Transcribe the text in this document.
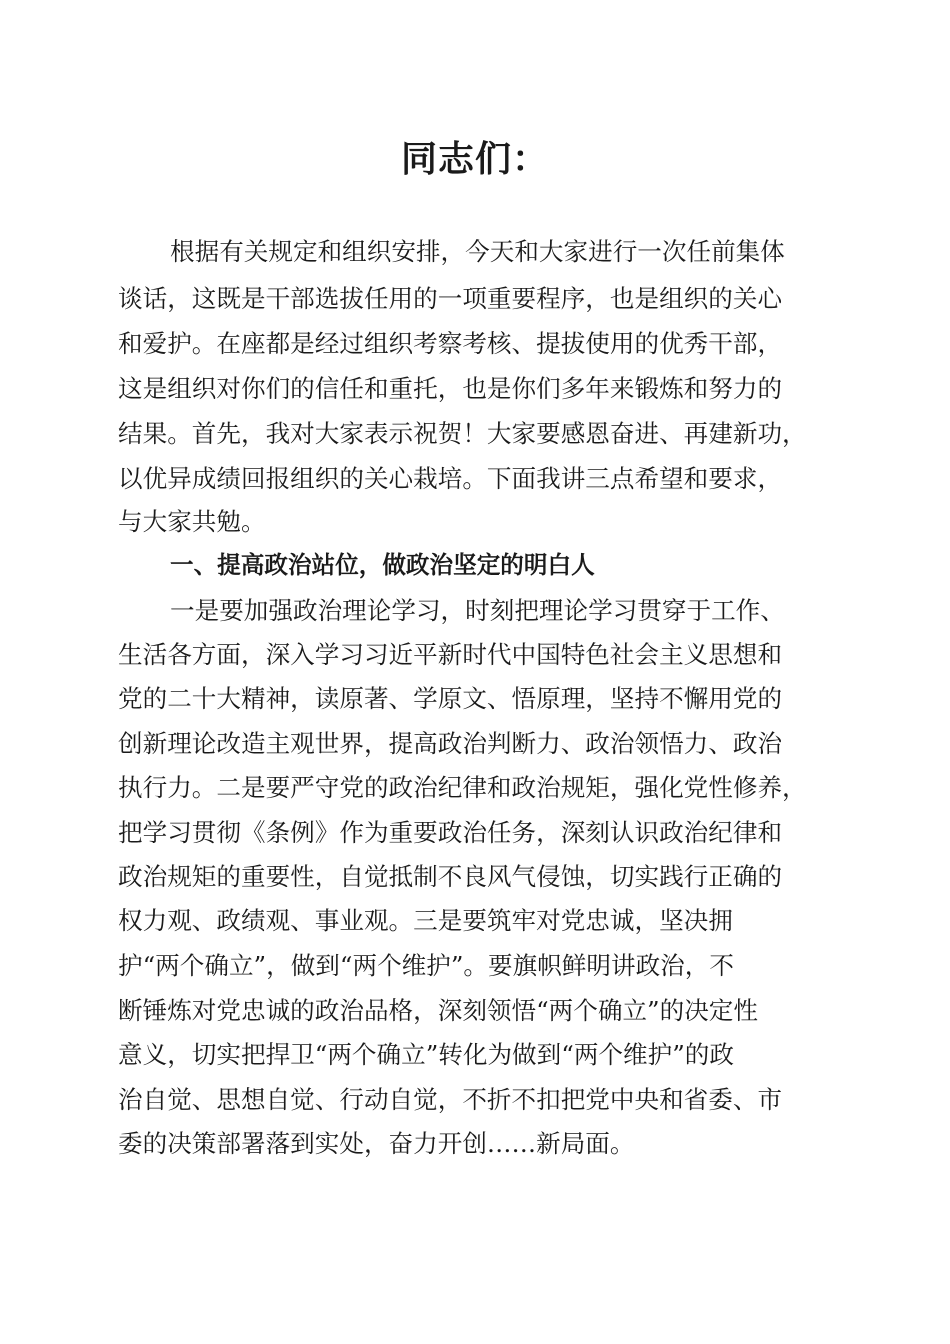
同志们：

根据有关规定和组织安排，今天和大家进行一次任前集体

谈话，这既是干部选拔任用的一项重要程序，也是组织的关心

和爱护。在座都是经过组织考察考核、提拔使用的优秀干部，

这是组织对你们的信任和重托，也是你们多年来锻炼和努力的

结果。首先，我对大家表示祝贺！大家要感恩奋进、再建新功，

以优异成绩回报组织的关心栽培。下面我讲三点希望和要求，

与大家共勉。

一、提高政治站位，做政治坚定的明白人

一是要加强政治理论学习，时刻把理论学习贯穿于工作、

生活各方面，深入学习习近平新时代中国特色社会主义思想和

党的二十大精神，读原著、学原文、悟原理，坚持不懈用党的

创新理论改造主观世界，提高政治判断力、政治领悟力、政治

执行力。二是要严守党的政治纪律和政治规矩，强化党性修养，

把学习贯彻《条例》作为重要政治任务，深刻认识政治纪律和

政治规矩的重要性，自觉抵制不良风气侵蚀，切实践行正确的

权力观、政绩观、事业观。三是要筑牢对党忠诚，坚决拥

护“两个确立”，做到“两个维护”。要旗帜鲜明讲政治，不

断锤炼对党忠诚的政治品格，深刻领悟“两个确立”的决定性

意义，切实把捍卫“两个确立”转化为做到“两个维护”的政

治自觉、思想自觉、行动自觉，不折不扣把党中央和省委、市

委的决策部署落到实处，奋力开创……新局面。
